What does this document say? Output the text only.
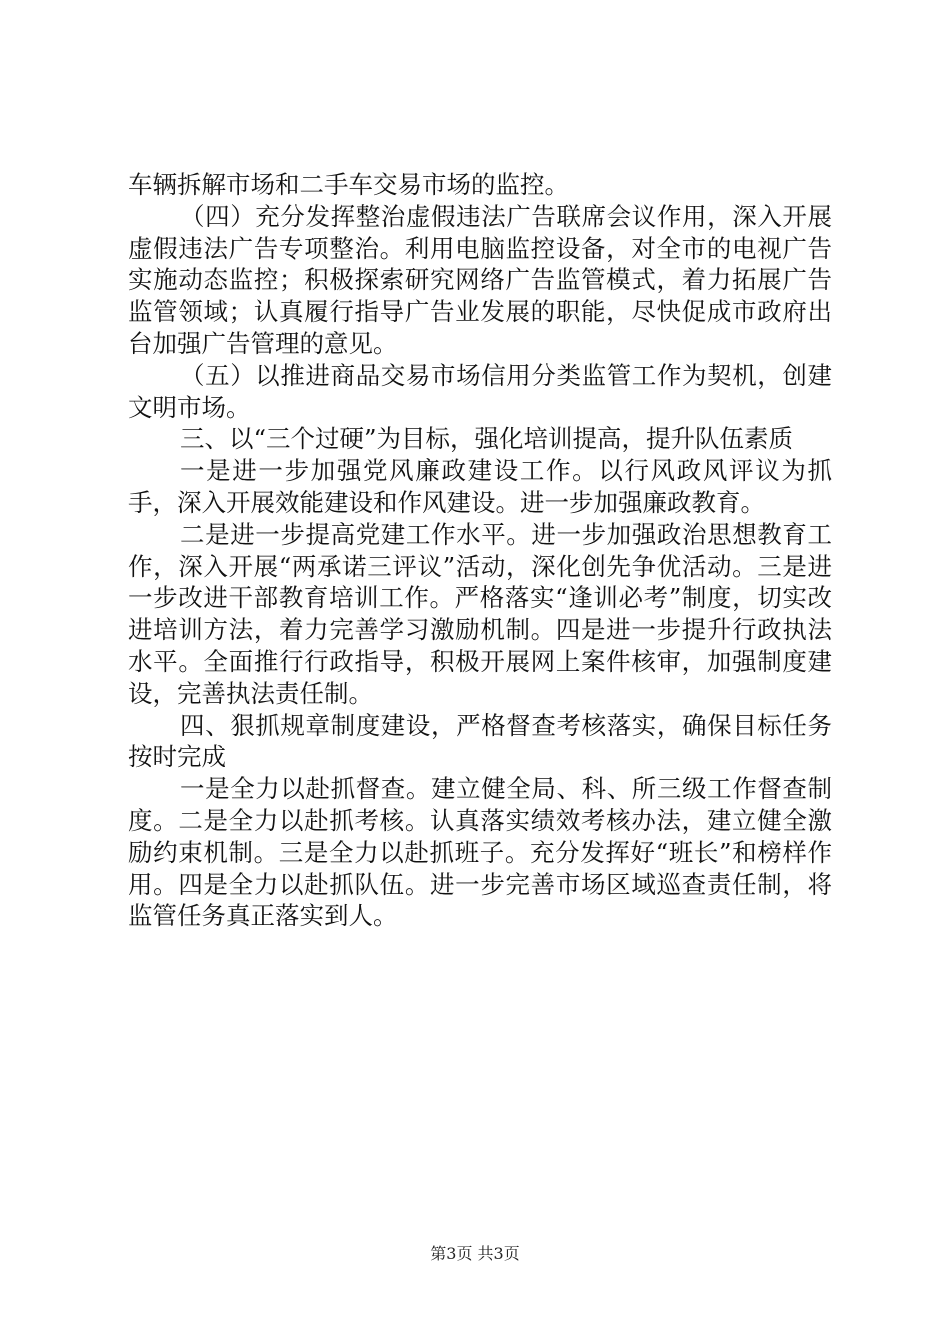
车辆拆解市场和二手车交易市场的监控。

（四）充分发挥整治虚假违法广告联席会议作用，深入开展虚假违法广告专项整治。利用电脑监控设备，对全市的电视广告实施动态监控；积极探索研究网络广告监管模式，着力拓展广告监管领域；认真履行指导广告业发展的职能，尽快促成市政府出台加强广告管理的意见。

（五）以推进商品交易市场信用分类监管工作为契机，创建文明市场。

三、以“三个过硬”为目标，强化培训提高，提升队伍素质

一是进一步加强党风廉政建设工作。以行风政风评议为抓手，深入开展效能建设和作风建设。进一步加强廉政教育。

二是进一步提高党建工作水平。进一步加强政治思想教育工作，深入开展“两承诺三评议”活动，深化创先争优活动。三是进一步改进干部教育培训工作。严格落实“逢训必考”制度，切实改进培训方法，着力完善学习激励机制。四是进一步提升行政执法水平。全面推行行政指导，积极开展网上案件核审，加强制度建设，完善执法责任制。

四、狠抓规章制度建设，严格督查考核落实，确保目标任务按时完成

一是全力以赴抓督查。建立健全局、科、所三级工作督查制度。二是全力以赴抓考核。认真落实绩效考核办法，建立健全激励约束机制。三是全力以赴抓班子。充分发挥好“班长”和榜样作用。四是全力以赴抓队伍。进一步完善市场区域巡查责任制，将监管任务真正落实到人。

第3页 共3页
